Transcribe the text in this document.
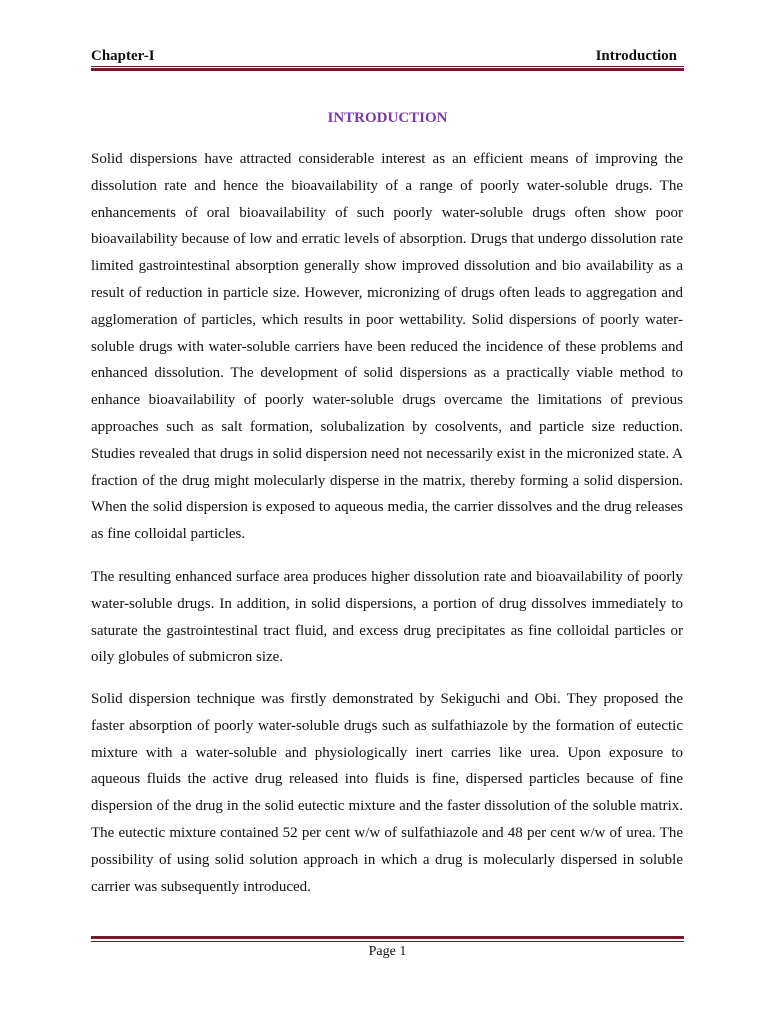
Chapter-I	Introduction
INTRODUCTION

Solid dispersions have attracted considerable interest as an efficient means of improving the dissolution rate and hence the bioavailability of a range of poorly water-soluble drugs. The enhancements of oral bioavailability of such poorly water-soluble drugs often show poor bioavailability because of low and erratic levels of absorption. Drugs that undergo dissolution rate limited gastrointestinal absorption generally show improved dissolution and bio availability as a result of reduction in particle size. However, micronizing of drugs often leads to aggregation and agglomeration of particles, which results in poor wettability. Solid dispersions of poorly water-soluble drugs with water-soluble carriers have been reduced the incidence of these problems and enhanced dissolution. The development of solid dispersions as a practically viable method to enhance bioavailability of poorly water-soluble drugs overcame the limitations of previous approaches such as salt formation, solubalization by cosolvents, and particle size reduction. Studies revealed that drugs in solid dispersion need not necessarily exist in the micronized state. A fraction of the drug might molecularly disperse in the matrix, thereby forming a solid dispersion. When the solid dispersion is exposed to aqueous media, the carrier dissolves and the drug releases as fine colloidal particles.

The resulting enhanced surface area produces higher dissolution rate and bioavailability of poorly water-soluble drugs. In addition, in solid dispersions, a portion of drug dissolves immediately to saturate the gastrointestinal tract fluid, and excess drug precipitates as fine colloidal particles or oily globules of submicron size.

Solid dispersion technique was firstly demonstrated by Sekiguchi and Obi. They proposed the faster absorption of poorly water-soluble drugs such as sulfathiazole by the formation of eutectic mixture with a water-soluble and physiologically inert carries like urea. Upon exposure to aqueous fluids the active drug released into fluids is fine, dispersed particles because of fine dispersion of the drug in the solid eutectic mixture and the faster dissolution of the soluble matrix. The eutectic mixture contained 52 per cent w/w of sulfathiazole and 48 per cent w/w of urea. The possibility of using solid solution approach in which a drug is molecularly dispersed in soluble carrier was subsequently introduced.

Page 1
